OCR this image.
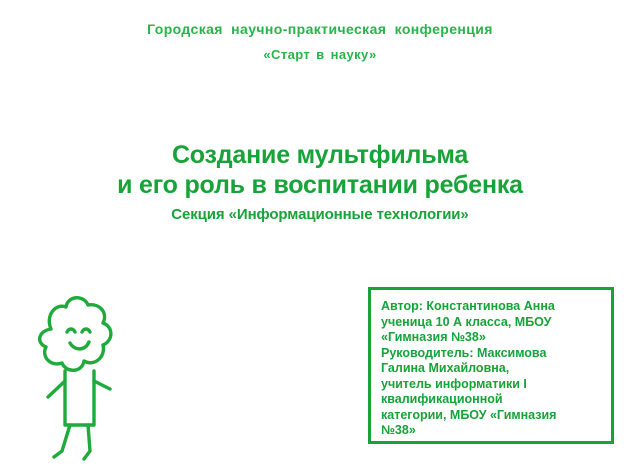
Городская научно-практическая конференция
«Старт в науку»
Создание мультфильма
и его роль в воспитании ребенка
Секция «Информационные технологии»

Автор: Константинова Анна

ученица 10 А класса, МБОУ

«Гимназия №38»

Руководитель: Максимова

Галина Михайловна,

учитель информатики I

квалификационной

категории, МБОУ «Гимназия

№38»
